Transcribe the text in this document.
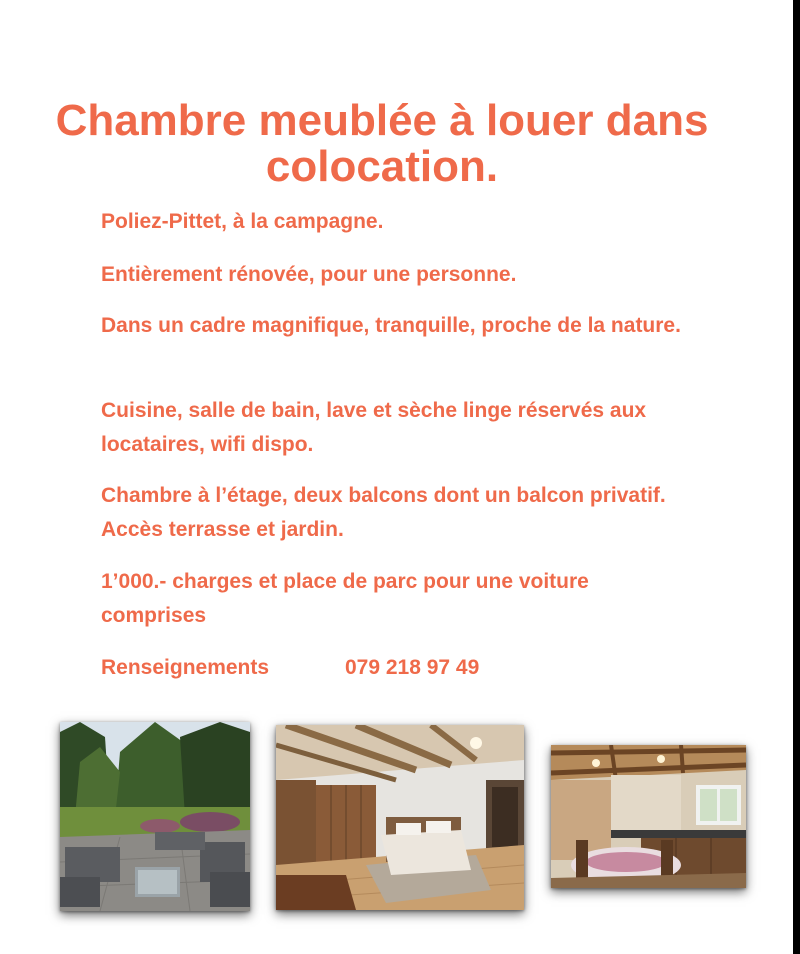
Chambre meublée à louer dans colocation.

Poliez-Pittet, à la campagne.

Entièrement rénovée, pour une personne.

Dans un cadre magnifique, tranquille, proche de la nature.

Cuisine, salle de bain, lave et sèche linge réservés aux locataires, wifi dispo.

Chambre à l’étage, deux balcons dont un balcon privatif. Accès terrasse et jardin.

1’000.- charges et place de parc pour une voiture comprises

Renseignements	079 218 97 49
